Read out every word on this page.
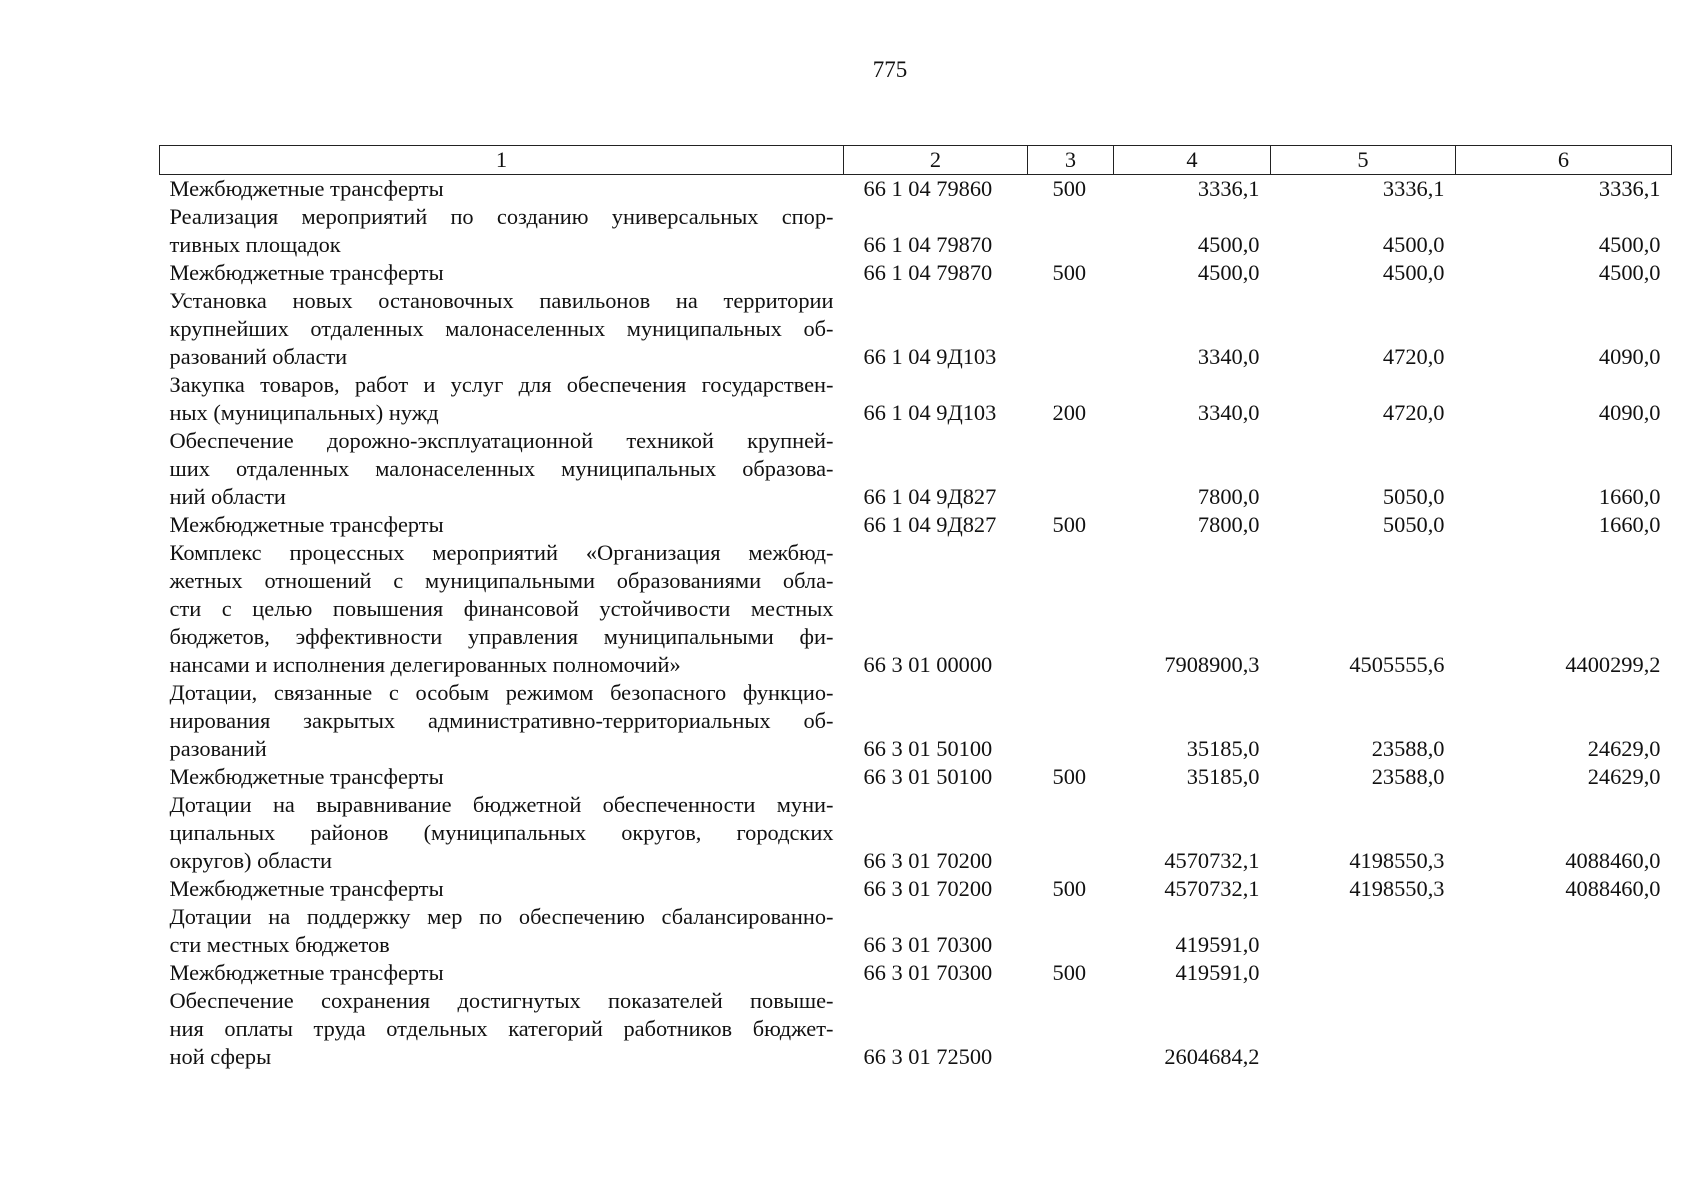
775
1	2	3	4	5	6

Межбюджетные трансферты	66 1 04 79860	500	3336,1	3336,1	3336,1

Реализация мероприятий по созданию универсальных спор-
тивных площадок	66 1 04 79870		4500,0	4500,0	4500,0

Межбюджетные трансферты	66 1 04 79870	500	4500,0	4500,0	4500,0

Установка новых остановочных павильонов на территории
крупнейших отдаленных малонаселенных муниципальных об-
разований области	66 1 04 9Д103		3340,0	4720,0	4090,0

Закупка товаров, работ и услуг для обеспечения государствен-
ных (муниципальных) нужд	66 1 04 9Д103	200	3340,0	4720,0	4090,0

Обеспечение дорожно-эксплуатационной техникой крупней-
ших отдаленных малонаселенных муниципальных образова-
ний области	66 1 04 9Д827		7800,0	5050,0	1660,0

Межбюджетные трансферты	66 1 04 9Д827	500	7800,0	5050,0	1660,0

Комплекс процессных мероприятий «Организация межбюд-
жетных отношений с муниципальными образованиями обла-
сти с целью повышения финансовой устойчивости местных
бюджетов, эффективности управления муниципальными фи-
нансами и исполнения делегированных полномочий»	66 3 01 00000		7908900,3	4505555,6	4400299,2

Дотации, связанные с особым режимом безопасного функцио-
нирования закрытых административно-территориальных об-
разований	66 3 01 50100		35185,0	23588,0	24629,0

Межбюджетные трансферты	66 3 01 50100	500	35185,0	23588,0	24629,0

Дотации на выравнивание бюджетной обеспеченности муни-
ципальных районов (муниципальных округов, городских
округов) области	66 3 01 70200		4570732,1	4198550,3	4088460,0

Межбюджетные трансферты	66 3 01 70200	500	4570732,1	4198550,3	4088460,0

Дотации на поддержку мер по обеспечению сбалансированно-
сти местных бюджетов	66 3 01 70300		419591,0		

Межбюджетные трансферты	66 3 01 70300	500	419591,0		

Обеспечение сохранения достигнутых показателей повыше-
ния оплаты труда отдельных категорий работников бюджет-
ной сферы	66 3 01 72500		2604684,2		
